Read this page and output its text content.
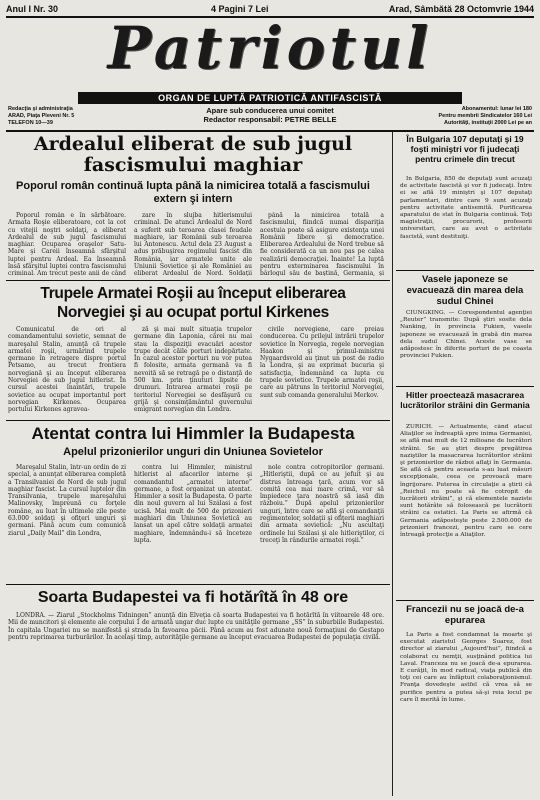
Anul I Nr. 30	4 Pagini 7 Lei	Arad, Sâmbătă 28 Octomvrie 1944
Patriotul
ORGAN DE LUPTĂ PATRIOTICĂ ANTIFASCISTĂ
Redacţia şi administraţia
ARAD, Piaţa Pleveni Nr. 5
TELEFON 10—39
Apare sub conducerea unui comitet
Redactor responsabil: PETRE BELLE
Abonamentul: lunar lei 180
Pentru membrii Sindicatelor 160 Lei
Autorităţi, instituţii 2000 Lei pe an
Ardealul eliberat de sub jugul fascismului maghiar
Poporul român continuă lupta până la nimicirea totală a fascismului extern şi intern

Poporul român e în sărbătoare. Armata Roşie eliberatoare, cot la cot cu vitejii noştri soldaţi, a eliberat Ardealul de sub jugul fascismului maghiar. Ocuparea oraşelor Satu-Mare şi Careii înseamnă sfârşitul luptei pentru Ardeal. Ea înseamnă însă sfârşitul luptei contra fascismului criminal. Am trecut peste anii de când

zare în slujba hitlerismului criminal. De atunci Ardealul de Nord a suferit sub teroarea clasei feudale maghiare, iar Românii sub teroarea lui Antonescu. Actul dela 23 August a adus prăbuşirea regimului fascist din România, iar armatele unite ale Uniunii Sovietice şi ale României au eliberat Ardealul de Nord. Soldaţii

până la nimicirea totală a fascismului, fiindcă numai dispariţia acestuia poate să asigure existenţa unei Românii libere şi democratice. Eliberarea Ardealului de Nord trebue să fie considerată ca un nou pas pe calea realizării democraţiei. Înainte! La luptă pentru exterminarea fascismului în bârlogul său de baştină, Germania, şi

Trupele Armatei Roşii au început eliberarea Norvegiei şi au ocupat portul Kirkenes

Comunicatul de ori al comandamentului sovietic, semnat de mareşalul Stalin, anunţă că trupele armatei roşii, urmărind trupele germane în retragere dispre portul Petsamo, au trecut frontiera norvegiană şi au început eliberarea Norvegiei de sub jugul hitlerist. În cursul acestei înaintări, trupele sovietice au ocupat importantul port norvegian Kirkenes. Ocuparea portului Kirkenes agravea-

ză şi mai mult situaţia trupelor germane din Laponia, cărei nu mai stau la dispoziţii evacuări acestor trupe decât căile porturi indepărtate. În cazul acestor porturi nu vor putea fi folosite, armata germană va fi nevoită să se retragă pe o distanţă de 500 km. prin ţinuturi lipsite de drumuri. Intrarea armatei roşii pe teritoriul Norvegiei se desfăşură cu grijă şi consimţământul guvernului emigrant norvegian din Londra.

civile norvegiene, care preiau conducerea. Cu prilejul intrării trupelor sovietice în Norvegia, regele norvegian Haakon şi primul-ministru Nygaardsvold au ţinut un post de radio la Londra, şi au exprimat bucuria şi satisfacţia, îndemnând ca lupta cu trupele sovietice. Trupele armatei roşii, care au pătruns în teritoriul Norvegiei, sunt sub comanda generalului Merkov.

Atentat contra lui Himmler la Budapesta
Apelul prizonierilor unguri din Uniunea Sovietelor

Mareşalul Stalin, într-un ordin de zi special, a anunţat eliberarea completă a Transilvaniei de Nord de sub jugul maghiar fascist. La cursul luptelor din Transilvania, trupele mareşalului Malinovsky, împreună cu forţele române, au luat în ultimele zile peste 63.000 soldaţi şi ofiţeri unguri şi germani. Până acum cum comunică ziarul „Daily Mail” din Londra,

contra lui Himmler, ministrul hitlerist al afacerilor interne şi comandantul „armatei interne” germane, a fost organizat un atentat. Himmler a sosit la Budapesta. O parte din noul guvern al lui Szálasi a fost ucisă. Mai mult de 500 de prizonieri maghiari din Uniunea Sovietică au lansat un apel către soldaţii armatei maghiare, îndemnându-i să înceteze lupta.

nole contra cotropitorilor germani. „Hitleriştii, după ce au jefuit şi au distrus întreaga ţară, acum vor să comită cea mai mare crimă, vor să împiedece ţara noastră să iasă din războiu.” După apelul prizonierilor unguri, între care se află şi comandanţii regimentelor, soldaţii şi ofiţerii maghiari din armata sovietică: „Nu ascultaţi ordinele lui Szálasi şi ale hitleriştilor, ci treceţi în rândurile armatei roşii.”

Soarta Budapestei va fi hotărîtă în 48 ore

LONDRA. — Ziarul „Stockholms Tidningen” anunţă din Elveţia că soarta Budapestei va fi hotărîtă în viitoarele 48 ore. Mii de muncitori şi elemente ale corpului 1 de armată ungar duc lupte cu unităţile germane „SS” în suburbiile Budapestei. În capitala Ungariei nu se manifestă şi strada în favoarea păcii. Până acum au fost adunate nouă formaţiuni de Gestapo pentru reprimarea turburărilor. În acelaşi timp, autorităţile germane au început evacuarea Budapestei de populaţia civilă.

În Bulgaria 107 deputaţi şi 19 foşti miniştri vor fi judecaţi pentru crimele din trecut

În Bulgaria, 850 de deputaţi sunt acuzaţi de activitate fascistă şi vor fi judecaţi. Între ei se află 19 miniştri şi 107 deputaţi parlamentari, dintre care 9 sunt acuzaţi pentru activitate antisemită. Purificarea aparatului de stat în Bulgaria continuă. Toţi magistraţii, procurorii, profesorii universitari, care au avut o activitate fascistă, sunt destituiţi.

Vasele japoneze se evacuează din marea dela sudul Chinei

CIUNGKING. — Corespondentul agenţiei „Reuter” transmite: După ştiri sosite dela Nanking, în provincia Fukien, vasele japoneze se evacuează în grabă din marea dela sudul Chinei. Aceste vase se adăpostesc în diferite porturi de pe coasta provinciei Fukien.

Hitler proectează masacrarea lucrătorilor străini din Germania

ZÜRICH. — Actualmente, când atacul Aliaţilor se îndreaptă spre inima Germaniei, se află mai mult de 12 milioane de lucrători străini. Se au ştiri despre pregătirea naziştilor la masacrarea lucrătorilor străini şi prizonierilor de război aflaţi în Germania. Se află că pentru aceasta s-au luat măsuri excepţionale, ceea ce provoacă mare îngrijorare. Puterea în circulaţie a ştirii că „Reichul nu poate să fie cotropit de lucrătorii străini”, şi că elementele naziste sunt hotărâte să folosească pe lucrătorii străini ca ostatici. La Paris se afirmă că Germania adăposteşte peste 2.500.000 de prizonieri francezi, pentru care se cere întreagă protecţie a Aliaţilor.

Francezii nu se joacă de-a epurarea

La Paris a fost condamnat la moarte şi executat ziaristul Georges Suarez, fost director al ziarului „Aujourd'hui”, fiindcă a colaborat cu nemţii, susţinând politica lui Laval. Franceza nu se joacă de-a epurarea. E curăţit, în mod radical, viaţa publică din toţi cei care au înfăptuit colaboraţionismul. Franţa dovedeşte astfel că vrea să se purifice pentru a putea să-şi reia locul pe care îl merită în lume.
